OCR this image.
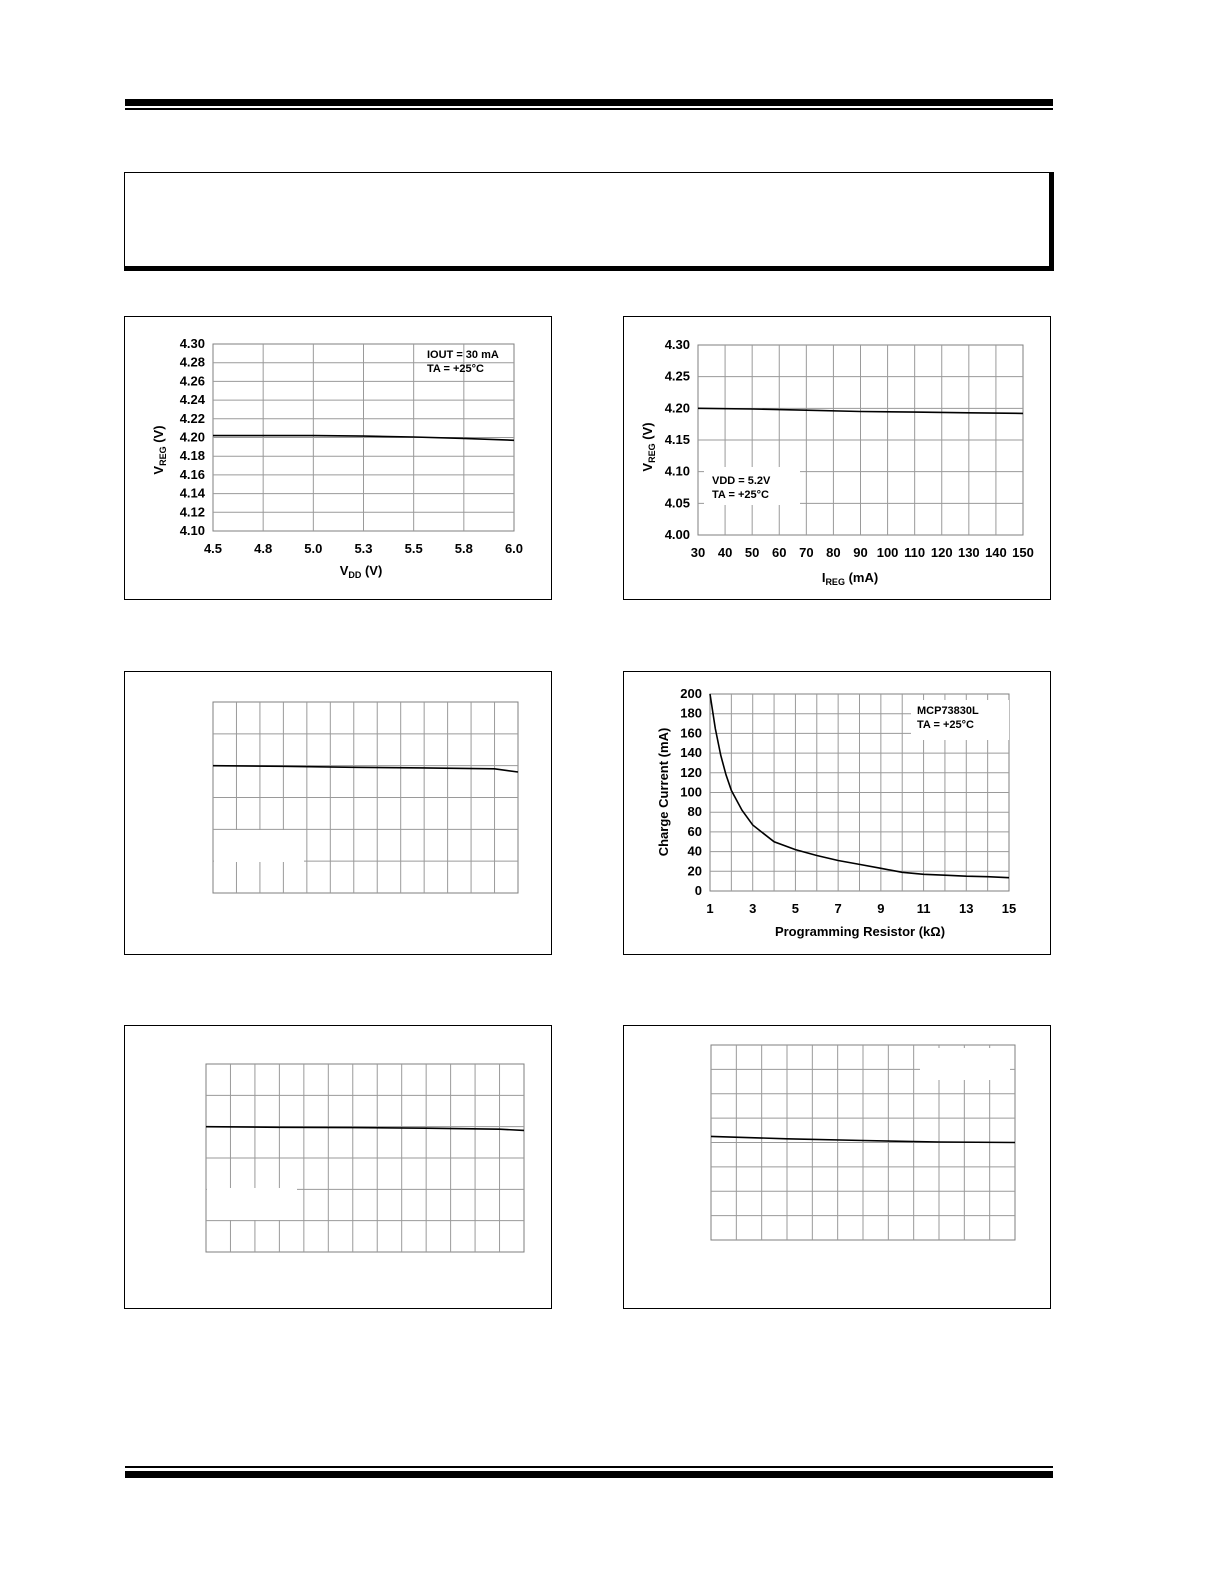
4.5 4.8 5.0 5.3 5.5 5.8 6.0
4.30
4.28
4.26
4.24
4.22
4.20
4.18
4.16
4.14
4.12
4.10
$V_{DD}$ (V)
$V_{REG}$ (V)
IOUT = 30 mA
TA = +25°C
30 40 50 60 70 80 90 100 110 120 130 140 150
4.30
4.25
4.20
4.15
4.10
4.05
4.00
$I_{REG}$ (mA)
$V_{REG}$ (V)
VDD = 5.2V
TA = +25°C
1	3	5	7	9 11 13 15
200
180
160
140
120
100
80
60
40
20
0
Programming Resistor (kΩ)
Charge Current (mA)
MCP73830L
TA = +25°C
